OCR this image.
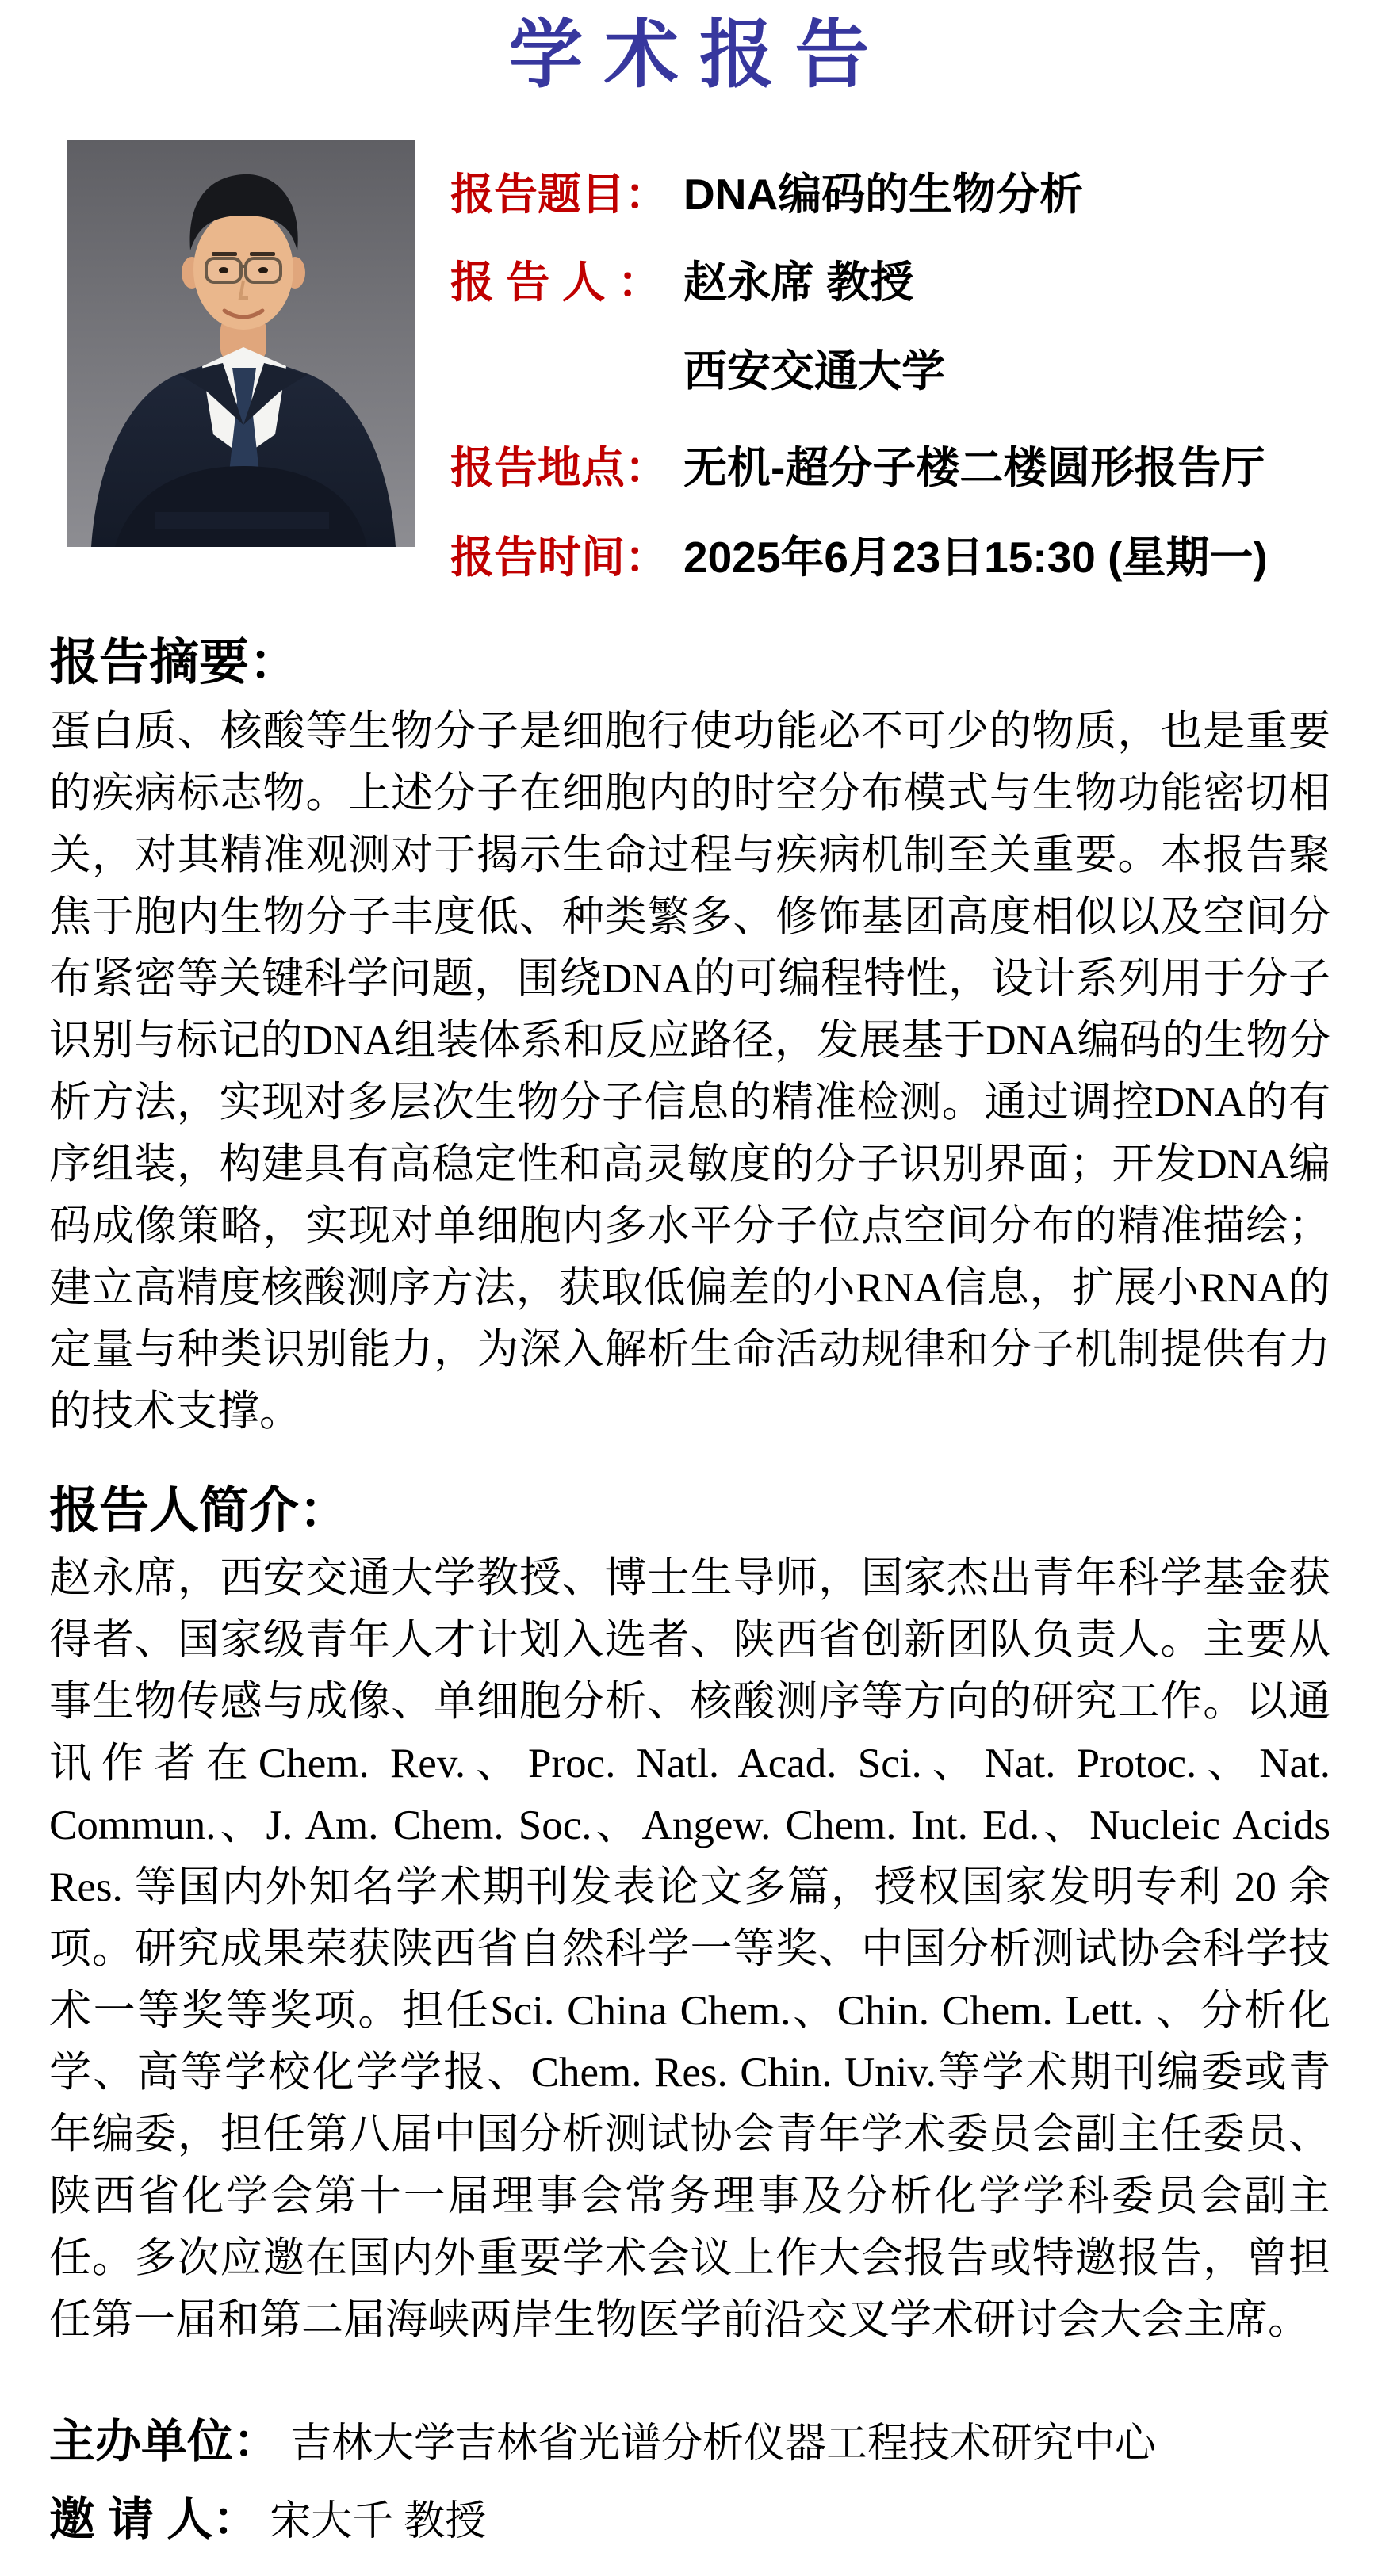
学术报告
报告题目： DNA编码的生物分析
报 告 人 ： 赵永席 教授
西安交通大学
报告地点： 无机-超分子楼二楼圆形报告厅
报告时间： 2025年6月23日15:30 (星期一)
报告摘要：
蛋白质、核酸等生物分子是细胞行使功能必不可少的物质，也是重要的疾病标志物。上述分子在细胞内的时空分布模式与生物功能密切相关，对其精准观测对于揭示生命过程与疾病机制至关重要。本报告聚焦于胞内生物分子丰度低、种类繁多、修饰基团高度相似以及空间分布紧密等关键科学问题，围绕DNA的可编程特性，设计系列用于分子识别与标记的DNA组装体系和反应路径，发展基于DNA编码的生物分析方法，实现对多层次生物分子信息的精准检测。通过调控DNA的有序组装，构建具有高稳定性和高灵敏度的分子识别界面；开发DNA编码成像策略，实现对单细胞内多水平分子位点空间分布的精准描绘；建立高精度核酸测序方法，获取低偏差的小RNA信息，扩展小RNA的定量与种类识别能力，为深入解析生命活动规律和分子机制提供有力的技术支撑。
报告人简介：
赵永席，西安交通大学教授、博士生导师，国家杰出青年科学基金获得者、国家级青年人才计划入选者、陕西省创新团队负责人。主要从事生物传感与成像、单细胞分析、核酸测序等方向的研究工作。以通讯作者在Chem. Rev.、Proc. Natl. Acad. Sci.、Nat. Protoc.、Nat. Commun.、J. Am. Chem. Soc.、Angew. Chem. Int. Ed.、Nucleic Acids Res. 等国内外知名学术期刊发表论文多篇，授权国家发明专利 20 余项。研究成果荣获陕西省自然科学一等奖、中国分析测试协会科学技术一等奖等奖项。担任Sci. China Chem.、Chin. Chem. Lett. 、分析化学、高等学校化学学报、Chem. Res. Chin. Univ.等学术期刊编委或青年编委，担任第八届中国分析测试协会青年学术委员会副主任委员、陕西省化学会第十一届理事会常务理事及分析化学学科委员会副主任。多次应邀在国内外重要学术会议上作大会报告或特邀报告，曾担任第一届和第二届海峡两岸生物医学前沿交叉学术研讨会大会主席。
主办单位： 吉林大学吉林省光谱分析仪器工程技术研究中心
邀 请 人： 宋大千 教授
